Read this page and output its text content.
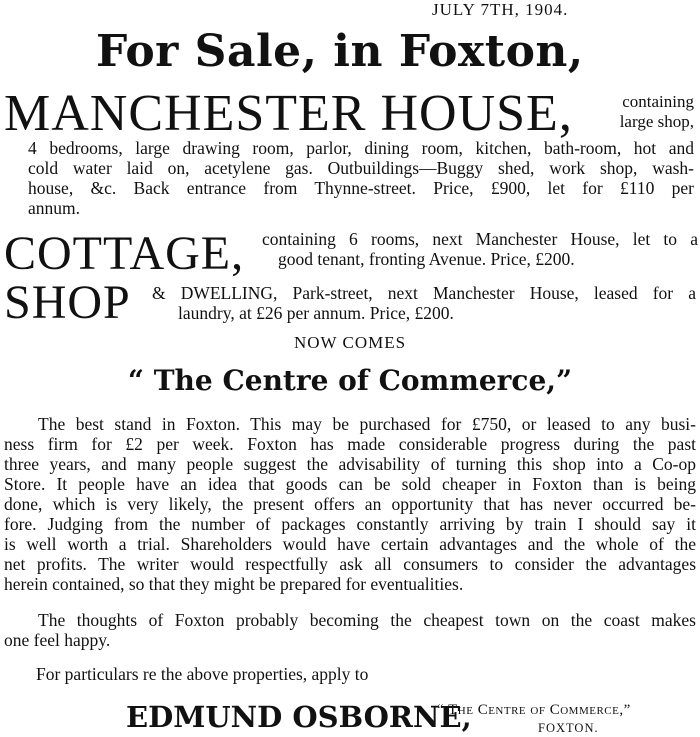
JULY 7TH, 1904.
For Sale, in Foxton,
MANCHESTER HOUSE,	containing
large shop,
4 bedrooms, large drawing room, parlor, dining room, kitchen, bath-room, hot and
cold water laid on, acetylene gas. Outbuildings—Buggy shed, work shop, wash-
house, &c. Back entrance from Thynne-street. Price, £900, let for £110 per
annum.
COTTAGE, containing 6 rooms, next Manchester House, let to a
good tenant, fronting Avenue. Price, £200.
SHOP & DWELLING, Park-street, next Manchester House, leased for a
laundry, at £26 per annum. Price, £200.
NOW COMES
“ The Centre of Commerce,”
The best stand in Foxton. This may be purchased for £750, or leased to any busi-
ness firm for £2 per week. Foxton has made considerable progress during the past
three years, and many people suggest the advisability of turning this shop into a Co-op
Store. It people have an idea that goods can be sold cheaper in Foxton than is being
done, which is very likely, the present offers an opportunity that has never occurred be-
fore. Judging from the number of packages constantly arriving by train I should say it
is well worth a trial. Shareholders would have certain advantages and the whole of the
net profits. The writer would respectfully ask all consumers to consider the advantages
herein contained, so that they might be prepared for eventualities.
The thoughts of Foxton probably becoming the cheapest town on the coast makes
one feel happy.
For particulars re the above properties, apply to
EDMUND OSBORNE,
“ The Centre of Commerce,”
FOXTON.
